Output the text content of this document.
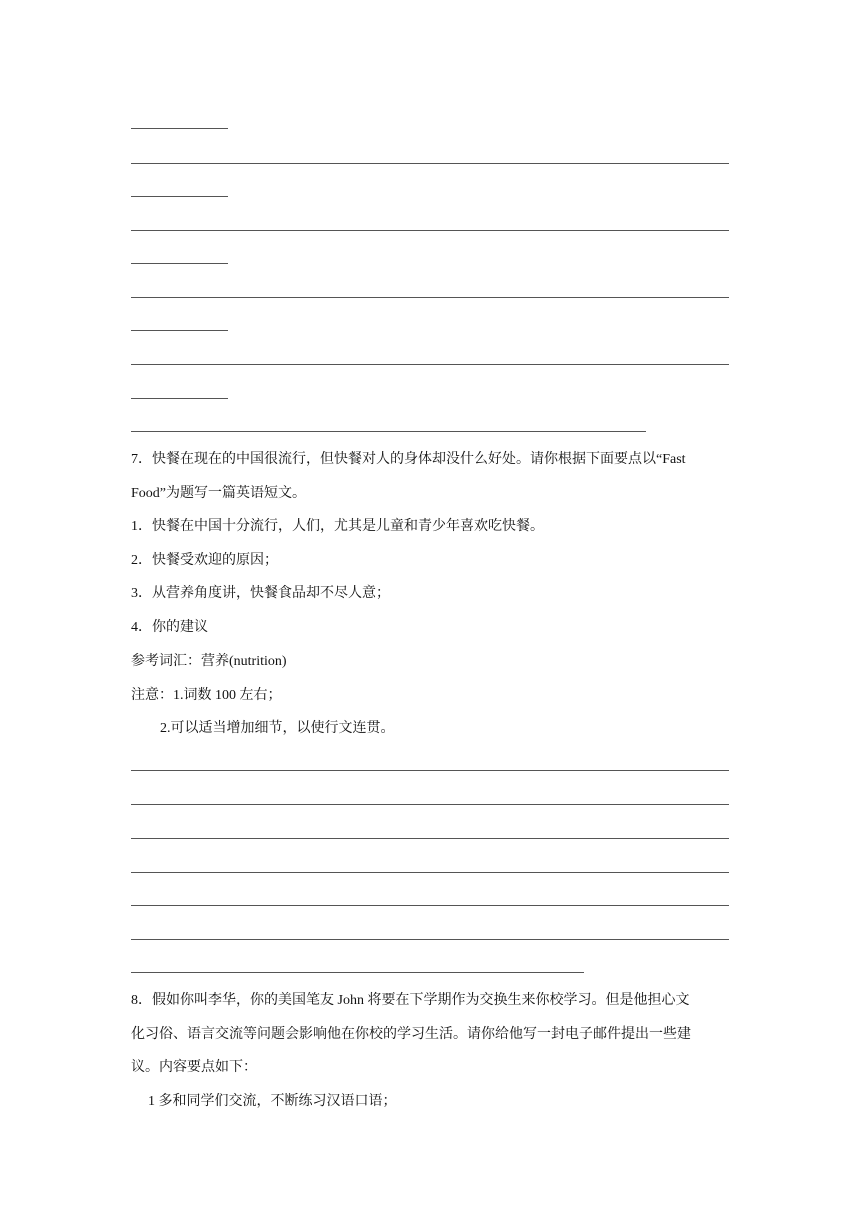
7．快餐在现在的中国很流行，但快餐对人的身体却没什么好处。请你根据下面要点以“Fast
Food”为题写一篇英语短文。
1．快餐在中国十分流行，人们，尤其是儿童和青少年喜欢吃快餐。
2．快餐受欢迎的原因；
3．从营养角度讲，快餐食品却不尽人意；
4．你的建议
参考词汇：营养(nutrition)
注意：1.词数 100 左右；
2.可以适当增加细节，以使行文连贯。
8．假如你叫李华，你的美国笔友 John 将要在下学期作为交换生来你校学习。但是他担心文
化习俗、语言交流等问题会影响他在你校的学习生活。请你给他写一封电子邮件提出一些建
议。内容要点如下：
1 多和同学们交流，不断练习汉语口语；
